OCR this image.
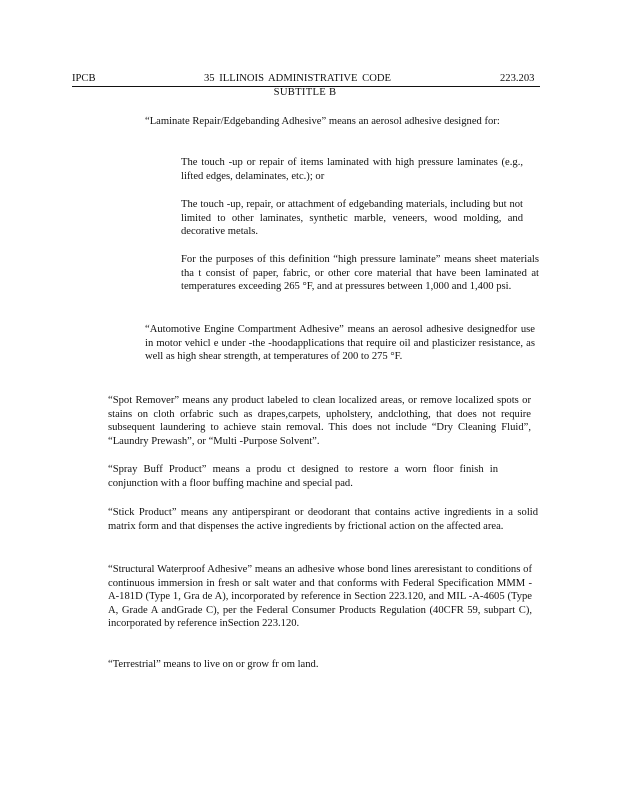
IPCB	35 ILLINOIS ADMINISTRATIVE CODE	223.203
SUBTITLE B

“Laminate Repair/Edgebanding Adhesive” means an aerosol adhesive designed for:

The touch -up or repair of items laminated with high pressure laminates (e.g., lifted edges, delaminates, etc.); or

The touch -up, repair, or attachment of edgebanding materials, including but not limited to other laminates, synthetic marble, veneers, wood molding, and decorative metals.

For the purposes of this definition “high pressure laminate” means sheet materials tha t consist of paper, fabric, or other core material that have been laminated at temperatures exceeding 265 °F, and at pressures between 1,000 and 1,400 psi.

“Automotive Engine Compartment Adhesive” means an aerosol adhesive designedfor use in motor vehicl e under -the -hoodapplications that require oil and plasticizer resistance, as well as high shear strength, at temperatures of 200 to 275 °F.

“Spot Remover” means any product labeled to clean localized areas, or remove localized spots or stains on cloth orfabric such as drapes,carpets, upholstery, andclothing, that does not require subsequent laundering to achieve stain removal. This does not include “Dry Cleaning Fluid”, “Laundry Prewash”, or “Multi -Purpose Solvent”.

“Spray Buff Product” means a produ ct designed to restore a worn floor finish in conjunction with a floor buffing machine and special pad.

“Stick Product” means any antiperspirant or deodorant that contains active ingredients in a solid matrix form and that dispenses the active ingredients by frictional action on the affected area.

“Structural Waterproof Adhesive” means an adhesive whose bond lines areresistant to conditions of continuous immersion in fresh or salt water and that conforms with Federal Specification MMM -A-181D (Type 1, Gra de A), incorporated by reference in Section 223.120, and MIL -A-4605 (Type A, Grade A andGrade C), per the Federal Consumer Products Regulation (40CFR 59, subpart C), incorporated by reference inSection 223.120.

“Terrestrial” means to live on or grow fr om land.
